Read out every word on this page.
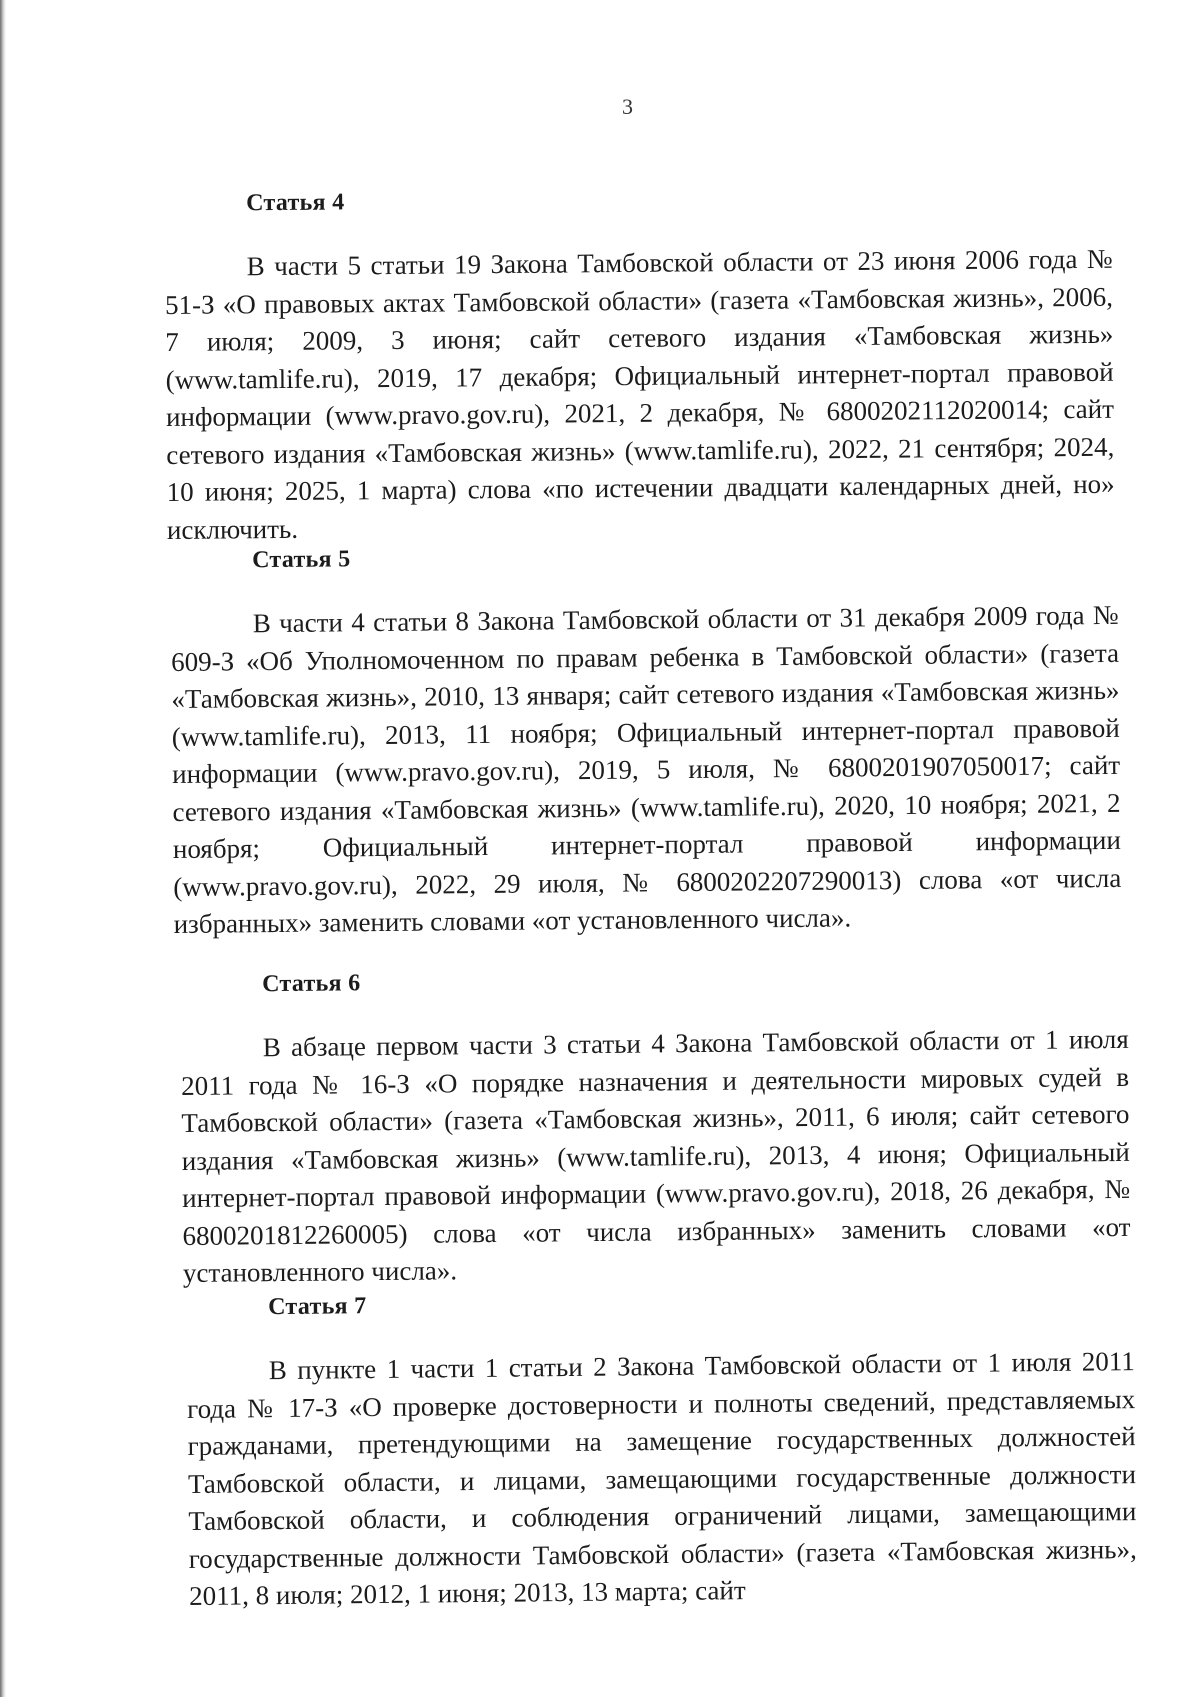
3
Статья 4

В части 5 статьи 19 Закона Тамбовской области от 23 июня 2006 года № 51-З «О правовых актах Тамбовской области» (газета «Тамбовская жизнь», 2006, 7 июля; 2009, 3 июня; сайт сетевого издания «Тамбовская жизнь» (www.tamlife.ru), 2019, 17 декабря; Официальный интернет-портал правовой информации (www.pravo.gov.ru), 2021, 2 декабря, № 6800202112020014; сайт сетевого издания «Тамбовская жизнь» (www.tamlife.ru), 2022, 21 сентября; 2024, 10 июня; 2025, 1 марта) слова «по истечении двадцати календарных дней, но» исключить.

Статья 5

В части 4 статьи 8 Закона Тамбовской области от 31 декабря 2009 года № 609-З «Об Уполномоченном по правам ребенка в Тамбовской области» (газета «Тамбовская жизнь», 2010, 13 января; сайт сетевого издания «Тамбовская жизнь» (www.tamlife.ru), 2013, 11 ноября; Официальный интернет-портал правовой информации (www.pravo.gov.ru), 2019, 5 июля, № 6800201907050017; сайт сетевого издания «Тамбовская жизнь» (www.tamlife.ru), 2020, 10 ноября; 2021, 2 ноября; Официальный интернет-портал правовой информации (www.pravo.gov.ru), 2022, 29 июля, № 6800202207290013) слова «от числа избранных» заменить словами «от установленного числа».

Статья 6

В абзаце первом части 3 статьи 4 Закона Тамбовской области от 1 июля 2011 года № 16-З «О порядке назначения и деятельности мировых судей в Тамбовской области» (газета «Тамбовская жизнь», 2011, 6 июля; сайт сетевого издания «Тамбовская жизнь» (www.tamlife.ru), 2013, 4 июня; Официальный интернет-портал правовой информации (www.pravo.gov.ru), 2018, 26 декабря, № 6800201812260005) слова «от числа избранных» заменить словами «от установленного числа».

Статья 7

В пункте 1 части 1 статьи 2 Закона Тамбовской области от 1 июля 2011 года № 17-З «О проверке достоверности и полноты сведений, представляемых гражданами, претендующими на замещение государственных должностей Тамбовской области, и лицами, замещающими государственные должности Тамбовской области, и соблюдения ограничений лицами, замещающими государственные должности Тамбовской области» (газета «Тамбовская жизнь», 2011, 8 июля; 2012, 1 июня; 2013, 13 марта; сайт
